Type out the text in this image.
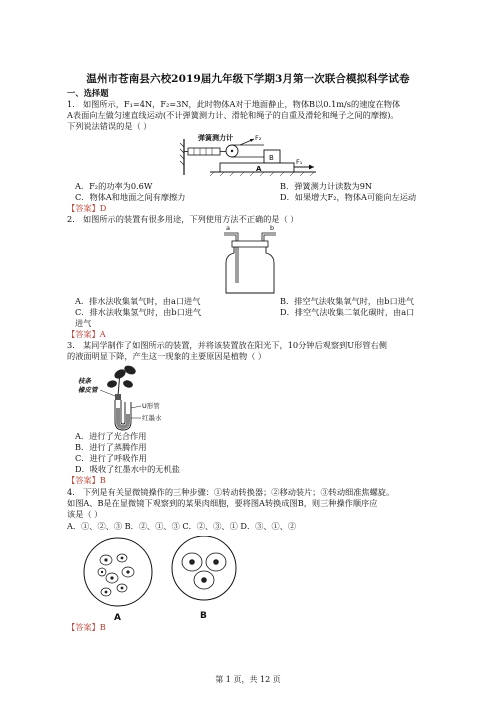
温州市苍南县六校2019届九年级下学期3月第一次联合模拟科学试卷
一、选择题
1． 如图所示，F₁=4N，F₂=3N，此时物体A对于地面静止，物体B以0.1m/s的速度在物体
A表面向左做匀速直线运动(不计弹簧测力计、滑轮和绳子的自重及滑轮和绳子之间的摩擦)。
下列说法错误的是（ ）
弹簧测力计	F₂
B
A
F₁
A．F₂的功率为0.6W	B．弹簧测力计读数为9N
C．物体A和地面之间有摩擦力	D．如果增大F₂，物体A可能向左运动
【答案】D
2． 如图所示的装置有很多用途，下列使用方法不正确的是（ ）
a	b
A．排水法收集氧气时，由a口进气	B．排空气法收集氧气时，由b口进气
C．排水法收集氢气时，由b口进气	D．排空气法收集二氧化碳时，由a口
进气
【答案】A
3． 某同学制作了如图所示的装置，并将该装置放在阳光下，10分钟后观察到U形管右侧
的液面明显下降，产生这一现象的主要原因是植物（ ）
枝条
橡皮管
U形管
红墨水
A．进行了光合作用
B．进行了蒸腾作用
C．进行了呼吸作用
D．吸收了红墨水中的无机盐
【答案】B
4． 下列是有关显微镜操作的三种步骤：①转动转换器；②移动装片；③转动细准焦螺旋。
如图A、B是在显微镜下观察到的某果肉细胞，要将图A转换成图B，则三种操作顺序应
该是（ ）
A．①、②、③ B．②、①、③ C．②、③、① D．③、①、②
A	B
【答案】B
第 1 页，共 12 页
